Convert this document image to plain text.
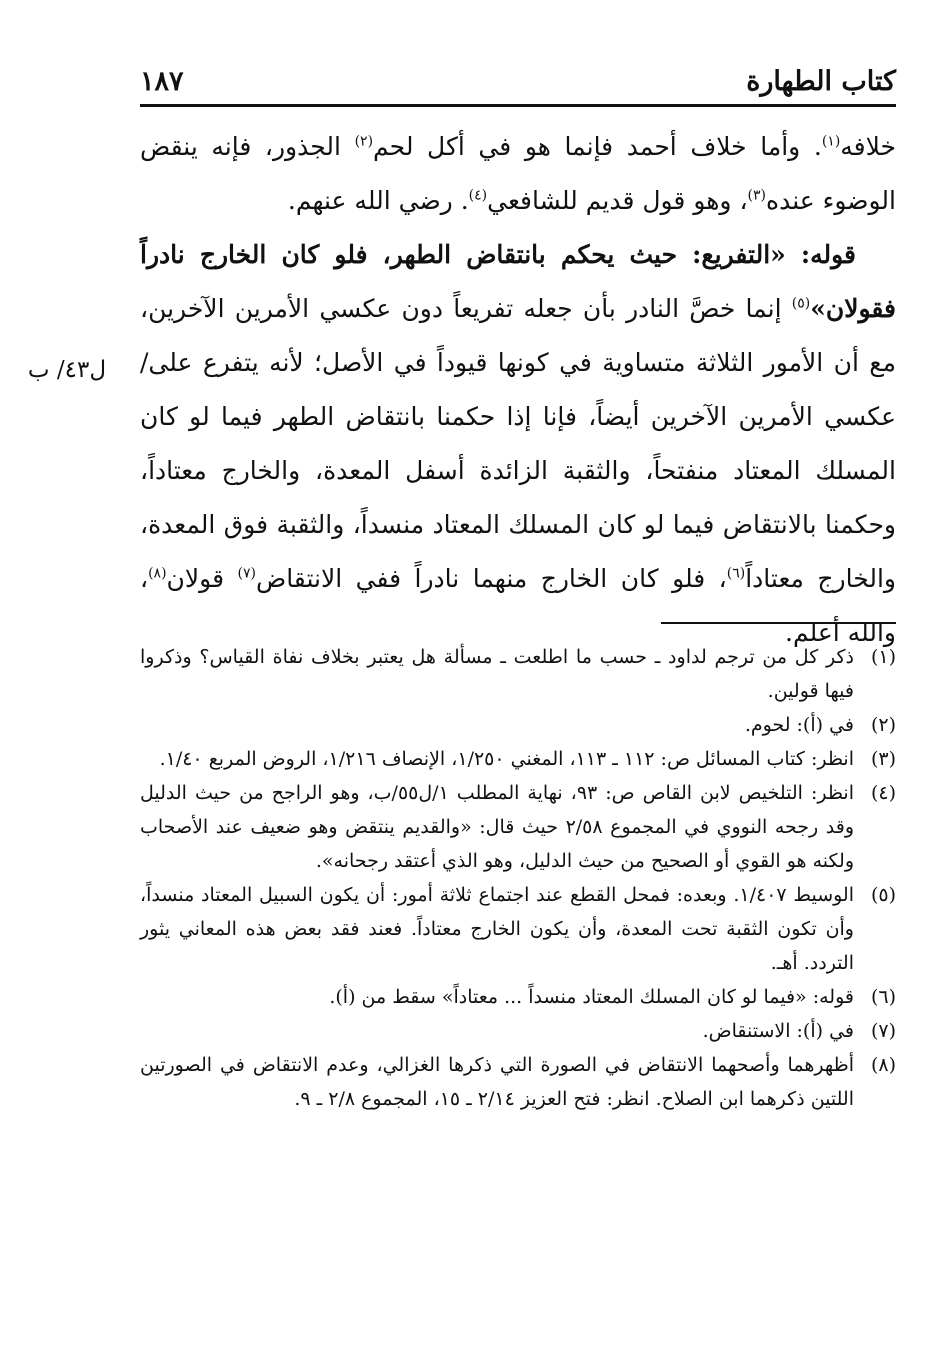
كتاب الطهارة
١٨٧

خلافه$^{(١)}$. وأما خلاف أحمد فإنما هو في أكل لحم$^{(٢)}$ الجذور، فإنه ينقض الوضوء عنده$^{(٣)}$، وهو قول قديم للشافعي$^{(٤)}$. رضي الله عنهم.

قوله: «التفريع: حيث يحكم بانتقاض الطهر، فلو كان الخارج نادراً فقولان»$^{(٥)}$ إنما خصَّ النادر بأن جعله تفريعاً دون عكسي الأمرين الآخرين، مع أن الأمور الثلاثة متساوية في كونها قيوداً في الأصل؛ لأنه يتفرع على/عكسي الأمرين الآخرين أيضاً، فإنا إذا حكمنا بانتقاض الطهر فيما لو كان المسلك المعتاد منفتحاً، والثقبة الزائدة أسفل المعدة، والخارج معتاداً، وحكمنا بالانتقاض فيما لو كان المسلك المعتاد منسداً، والثقبة فوق المعدة، والخارج معتاداً$^{(٦)}$، فلو كان الخارج منهما نادراً ففي الانتقاض$^{(٧)}$ قولان$^{(٨)}$، والله أعلم.

ل٤٣/ ب
(١)
ذكر كل من ترجم لداود ـ حسب ما اطلعت ـ مسألة هل يعتبر بخلاف نفاة القياس؟ وذكروا فيها قولين.
(٢)
في (أ): لحوم.
(٣)
انظر: كتاب المسائل ص: ١١٢ ـ ١١٣، المغني ١/٢٥٠، الإنصاف ١/٢١٦، الروض المربع ١/٤٠.
(٤)
انظر: التلخيص لابن القاص ص: ٩٣، نهاية المطلب ١/ل٥٥/ب، وهو الراجح من حيث الدليل وقد رجحه النووي في المجموع ٢/٥٨ حيث قال: «والقديم ينتقض وهو ضعيف عند الأصحاب ولكنه هو القوي أو الصحيح من حيث الدليل، وهو الذي أعتقد رجحانه».
(٥)
الوسيط ١/٤٠٧. وبعده: فمحل القطع عند اجتماع ثلاثة أمور: أن يكون السبيل المعتاد منسداً، وأن تكون الثقبة تحت المعدة، وأن يكون الخارج معتاداً. فعند فقد بعض هذه المعاني يثور التردد. أهـ.
(٦)
قوله: «فيما لو كان المسلك المعتاد منسداً ... معتاداً» سقط من (أ).
(٧)
في (أ): الاستنقاض.
(٨)
أظهرهما وأصحهما الانتقاض في الصورة التي ذكرها الغزالي، وعدم الانتقاض في الصورتين اللتين ذكرهما ابن الصلاح. انظر: فتح العزيز ٢/١٤ ـ ١٥، المجموع ٢/٨ ـ ٩.
